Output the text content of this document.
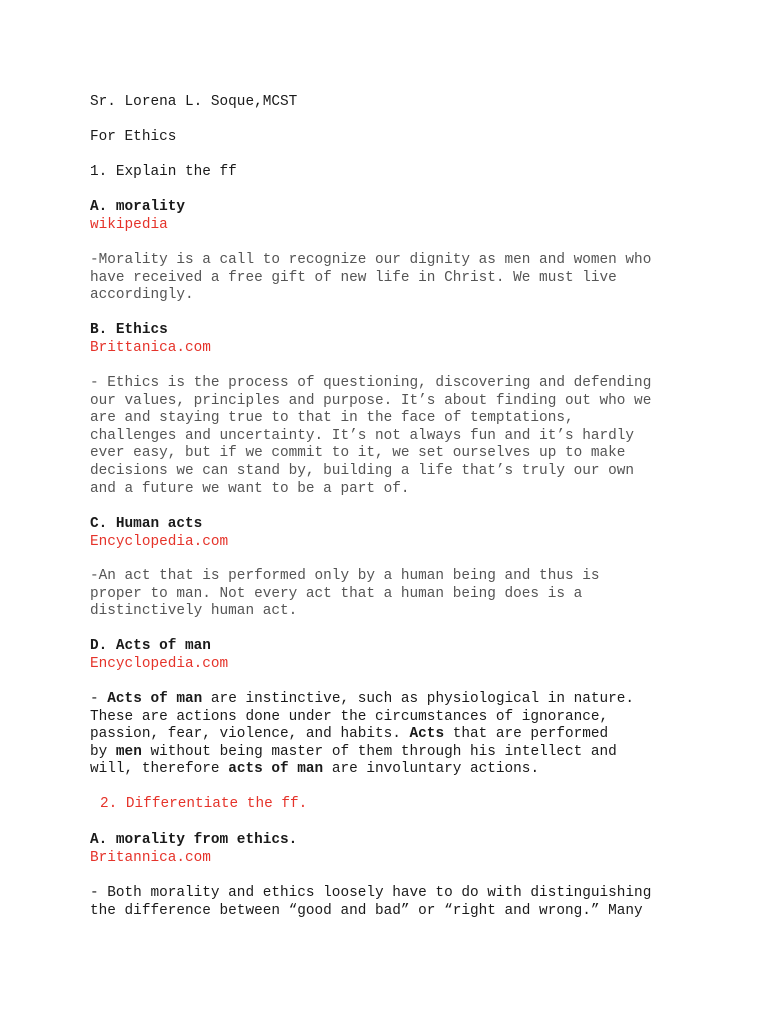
Sr. Lorena L. Soque,MCST
For Ethics
1. Explain the ff
A. morality
wikipedia
-Morality is a call to recognize our dignity as men and women who
have received a free gift of new life in Christ. We must live
accordingly.
B. Ethics
Brittanica.com
- Ethics is the process of questioning, discovering and defending
our values, principles and purpose. It’s about finding out who we
are and staying true to that in the face of temptations,
challenges and uncertainty. It’s not always fun and it’s hardly
ever easy, but if we commit to it, we set ourselves up to make
decisions we can stand by, building a life that’s truly our own
and a future we want to be a part of.
C. Human acts
Encyclopedia.com
-An act that is performed only by a human being and thus is
proper to man. Not every act that a human being does is a
distinctively human act.
D. Acts of man
Encyclopedia.com
- Acts of man are instinctive, such as physiological in nature.
These are actions done under the circumstances of ignorance,
passion, fear, violence, and habits. Acts that are performed
by men without being master of them through his intellect and
will, therefore acts of man are involuntary actions.
2. Differentiate the ff.
A. morality from ethics.
Britannica.com
- Both morality and ethics loosely have to do with distinguishing
the difference between “good and bad” or “right and wrong.” Many
